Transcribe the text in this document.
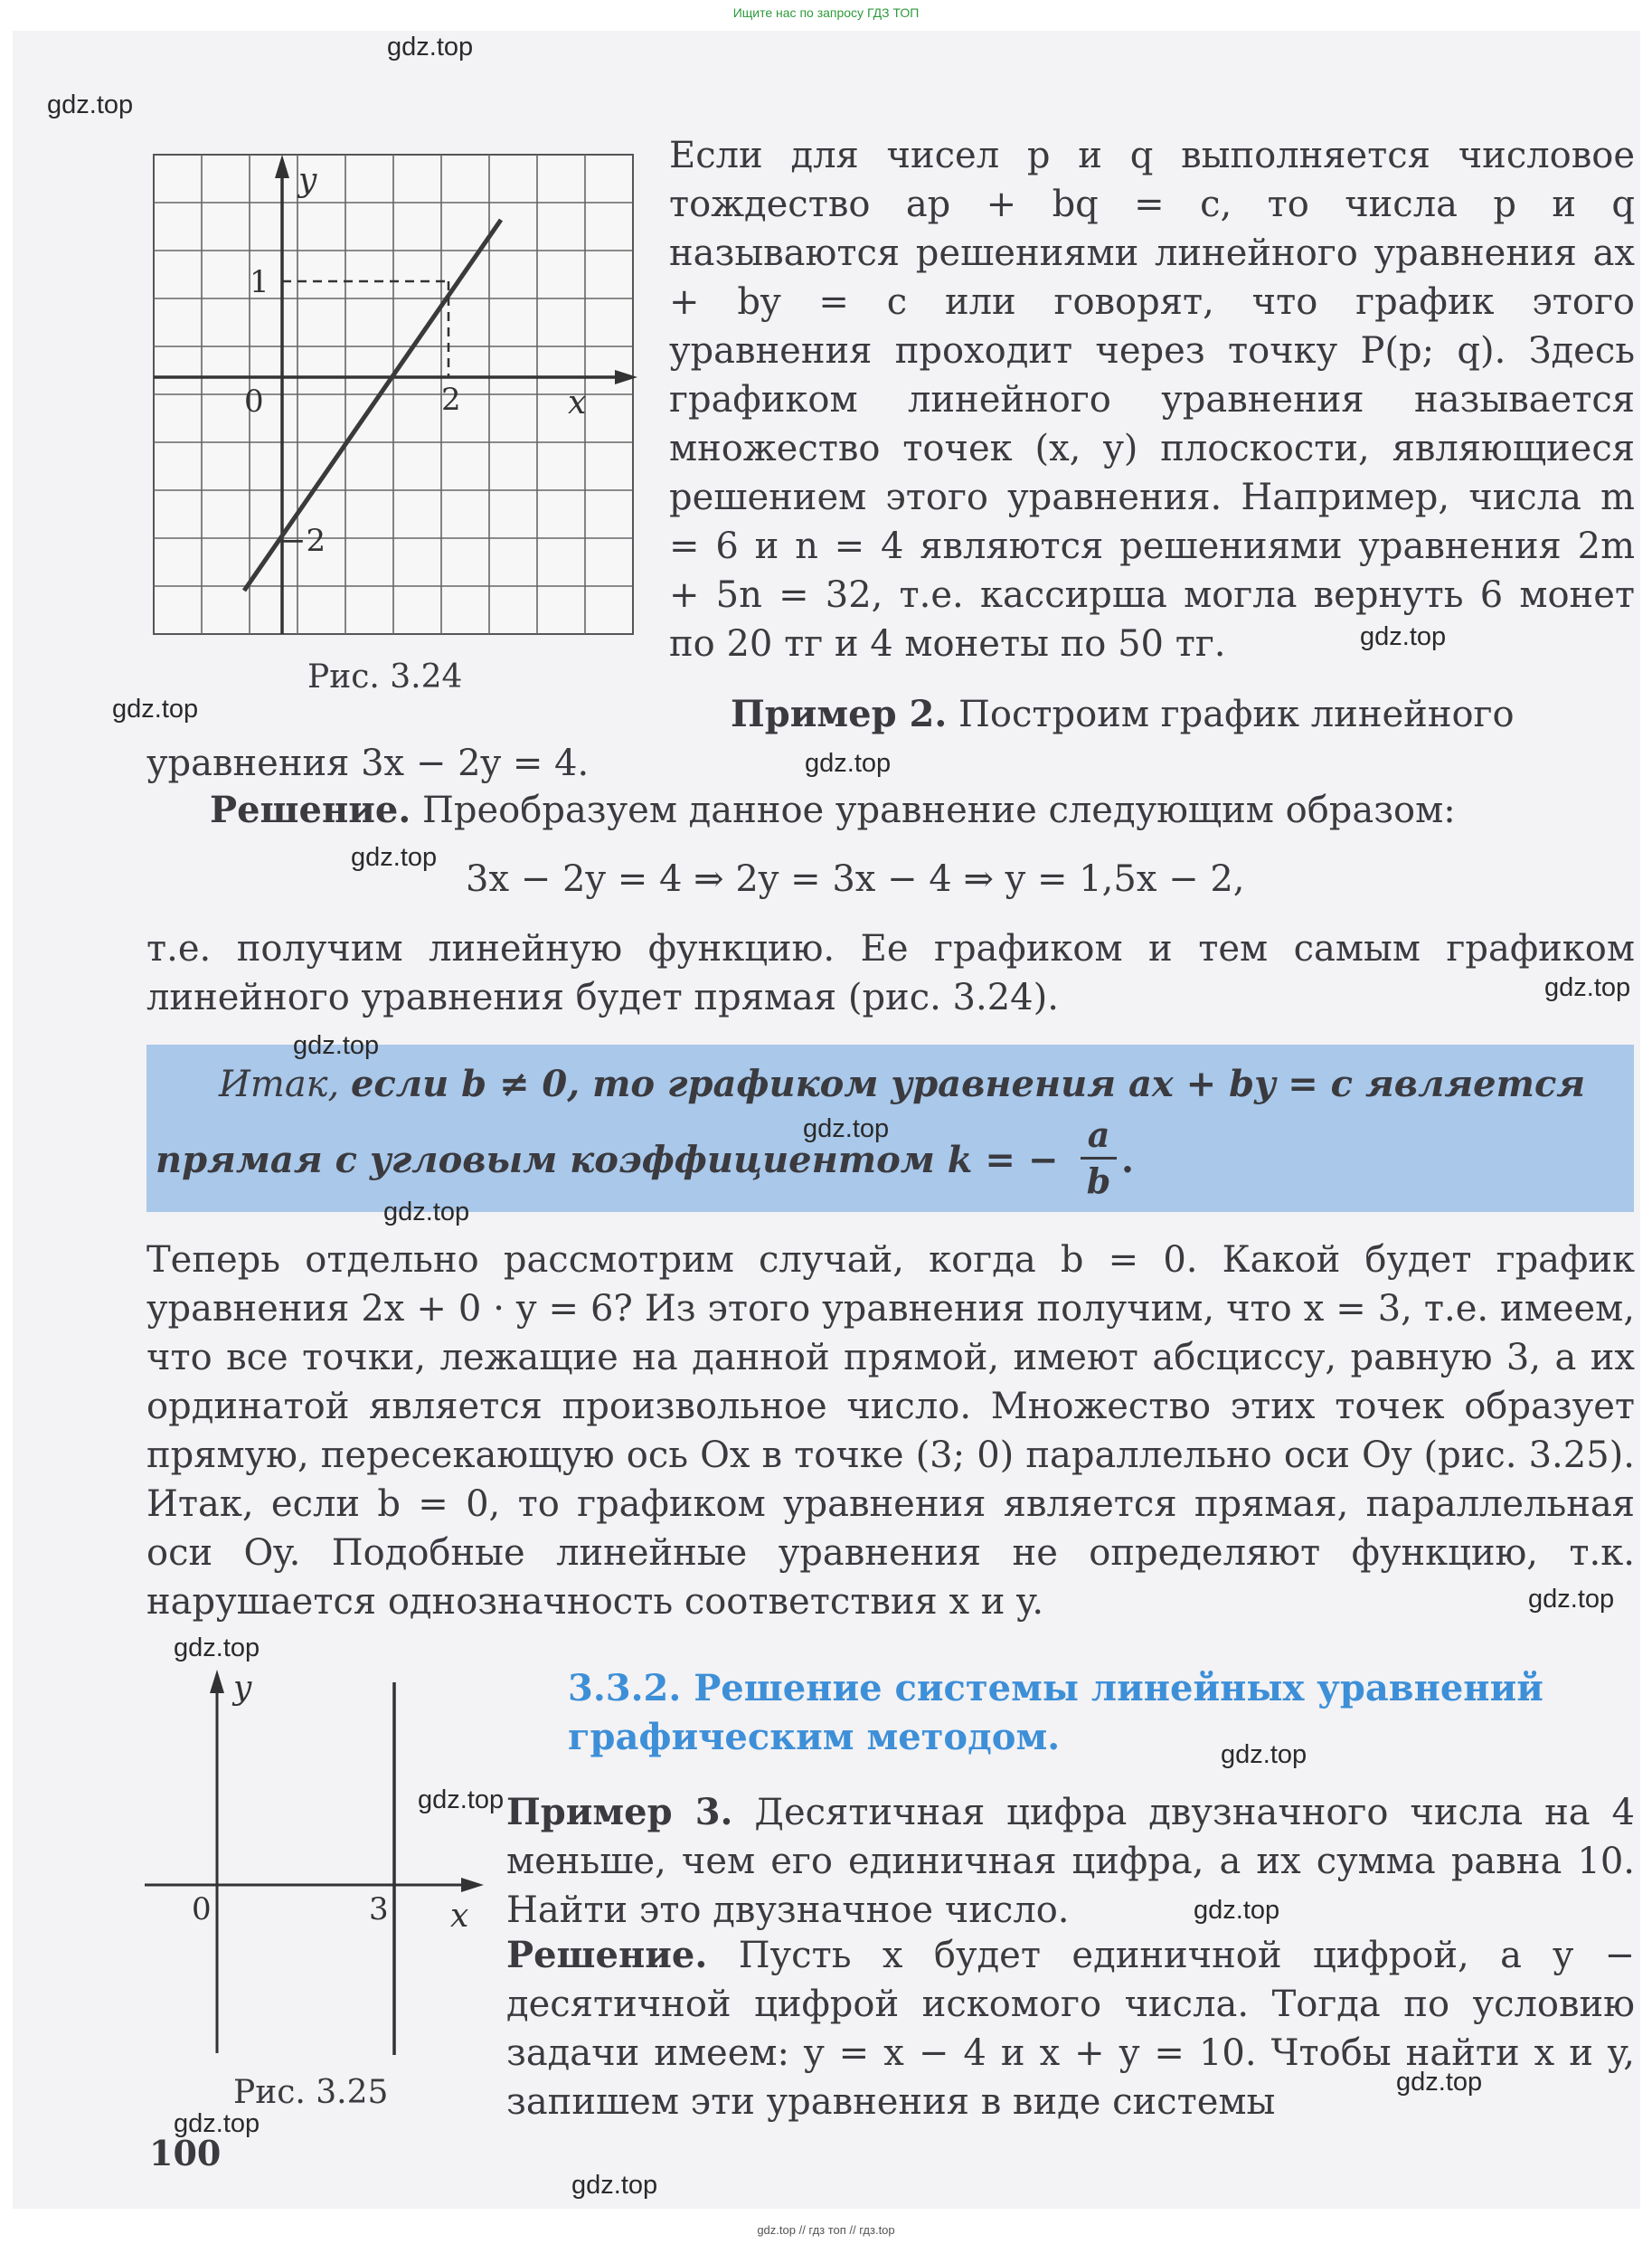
Ищите нас по запросу ГДЗ ТОП
y
x
0
1
2
−2
Рис. 3.24

Если для чисел p и q выполняется числовое тождество ap + bq = c, то числа p и q называются решениями линейного уравнения ax + by = c или говорят, что график этого уравнения проходит через точку P(p; q). Здесь графиком линейного уравнения называется множество точек (x, y) плоскости, являющиеся решением этого уравнения. Например, числа m = 6 и n = 4 являются решениями уравнения 2m + 5n = 32, т.е. кассирша могла вернуть 6 монет по 20 тг и 4 монеты по 50 тг.

Пример 2. Построим график линейного
уравнения 3x − 2y = 4.
Решение. Преобразуем данное уравнение следующим образом:
3x − 2y = 4 ⇒ 2y = 3x − 4 ⇒ y = 1,5x − 2,
т.е. получим линейную функцию. Ее графиком и тем самым графиком линейного уравнения будет прямая (рис. 3.24).
Итак, если b ≠ 0, то графиком уравнения ax + by = c является
прямая с угловым коэффициентом k = −
a
b .
Теперь отдельно рассмотрим случай, когда b = 0. Какой будет график уравнения 2x + 0 · y = 6? Из этого уравнения получим, что x = 3, т.е. имеем, что все точки, лежащие на данной прямой, имеют абсциссу, равную 3, а их ординатой является произвольное число. Множество этих точек образует прямую, пересекающую ось Ox в точке (3; 0) параллельно оси Oy (рис. 3.25). Итак, если b = 0, то графиком уравнения является прямая, параллельная оси Oy. Подобные линейные уравнения не определяют функцию, т.к. нарушается однозначность соответствия x и y.
y
x
0	3
Рис. 3.25
3.3.2. Решение системы линейных уравнений графическим методом.

Пример 3. Десятичная цифра двузначного числа на 4 меньше, чем его единичная цифра, а их сумма равна 10. Найти это двузначное число.

Решение. Пусть x будет единичной цифрой, а y − десятичной цифрой искомого числа. Тогда по условию задачи имеем: y = x − 4 и x + y = 10. Чтобы найти x и y, запишем эти уравнения в виде системы

100
gdz.top
gdz.top
gdz.top
gdz.top
gdz.top
gdz.top
gdz.top
gdz.top
gdz.top
gdz.top
gdz.top
gdz.top
gdz.top
gdz.top
gdz.top
gdz.top
gdz.top
gdz.top
gdz.top // гдз топ // гдз.top
